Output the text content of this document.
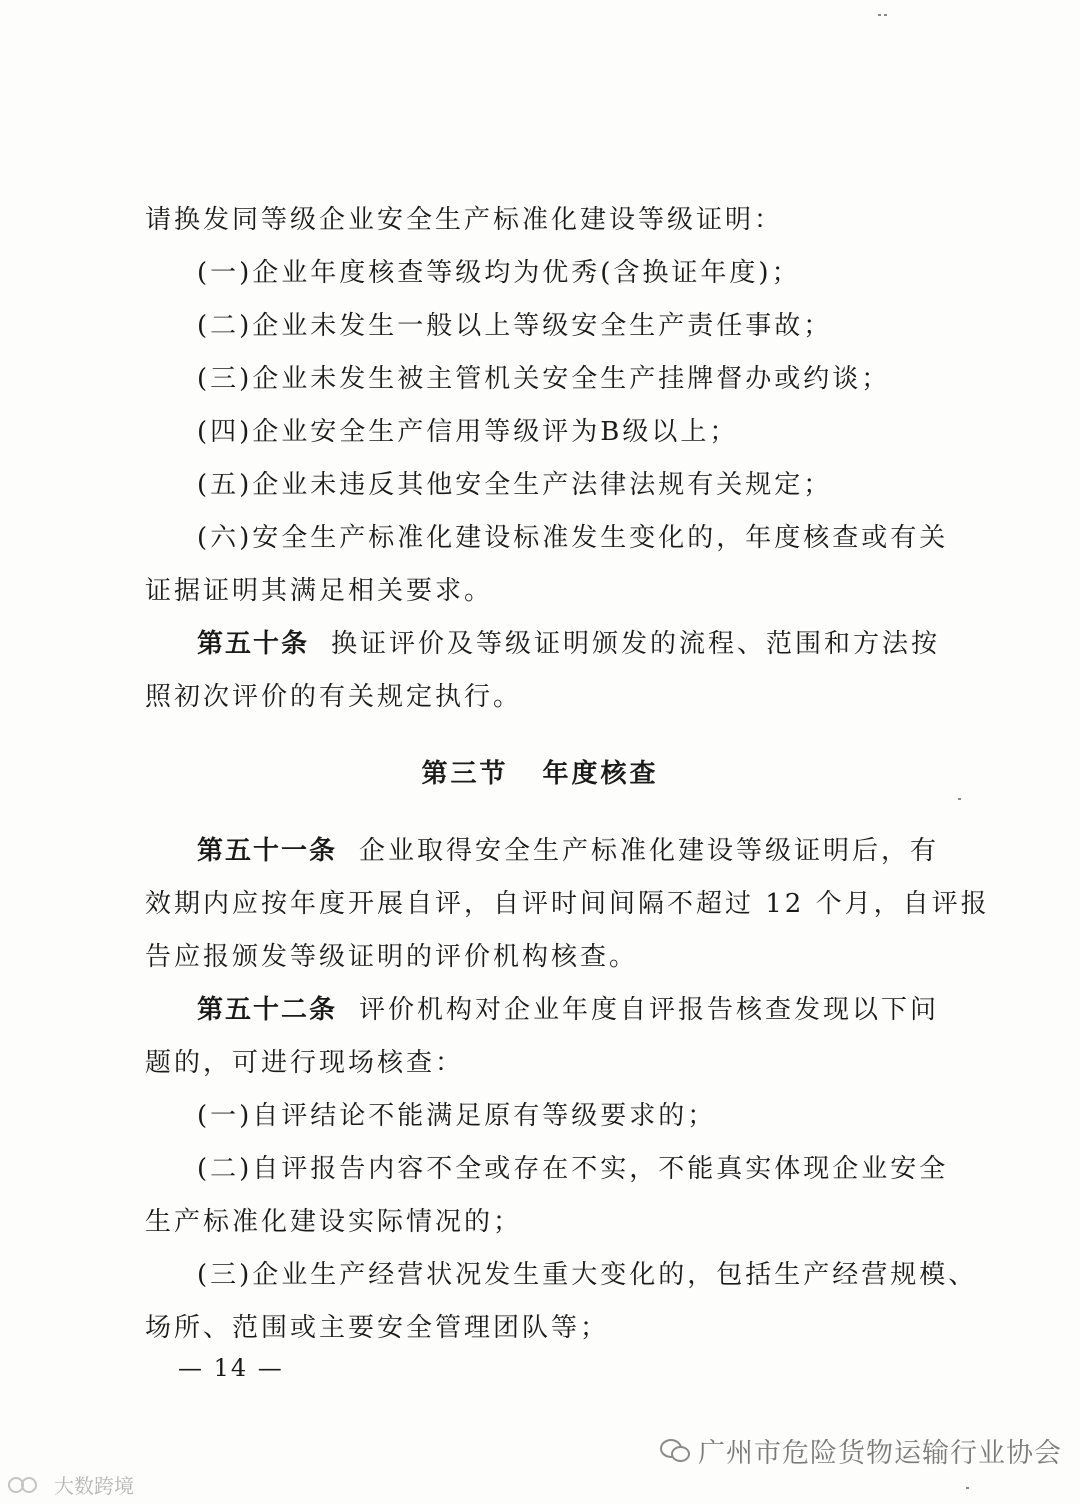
请换发同等级企业安全生产标准化建设等级证明：
(一)企业年度核查等级均为优秀(含换证年度)；
(二)企业未发生一般以上等级安全生产责任事故；
(三)企业未发生被主管机关安全生产挂牌督办或约谈；
(四)企业安全生产信用等级评为B级以上；
(五)企业未违反其他安全生产法律法规有关规定；
(六)安全生产标准化建设标准发生变化的，年度核查或有关
证据证明其满足相关要求。
第五十条 换证评价及等级证明颁发的流程、范围和方法按
照初次评价的有关规定执行。
第三节 年度核查
第五十一条 企业取得安全生产标准化建设等级证明后，有
效期内应按年度开展自评，自评时间间隔不超过 12 个月，自评报
告应报颁发等级证明的评价机构核查。
第五十二条 评价机构对企业年度自评报告核查发现以下问
题的，可进行现场核查：
(一)自评结论不能满足原有等级要求的；
(二)自评报告内容不全或存在不实，不能真实体现企业安全
生产标准化建设实际情况的；
(三)企业生产经营状况发生重大变化的，包括生产经营规模、
场所、范围或主要安全管理团队等；
— 14 —
广州市危险货物运输行业协会
大数跨境
